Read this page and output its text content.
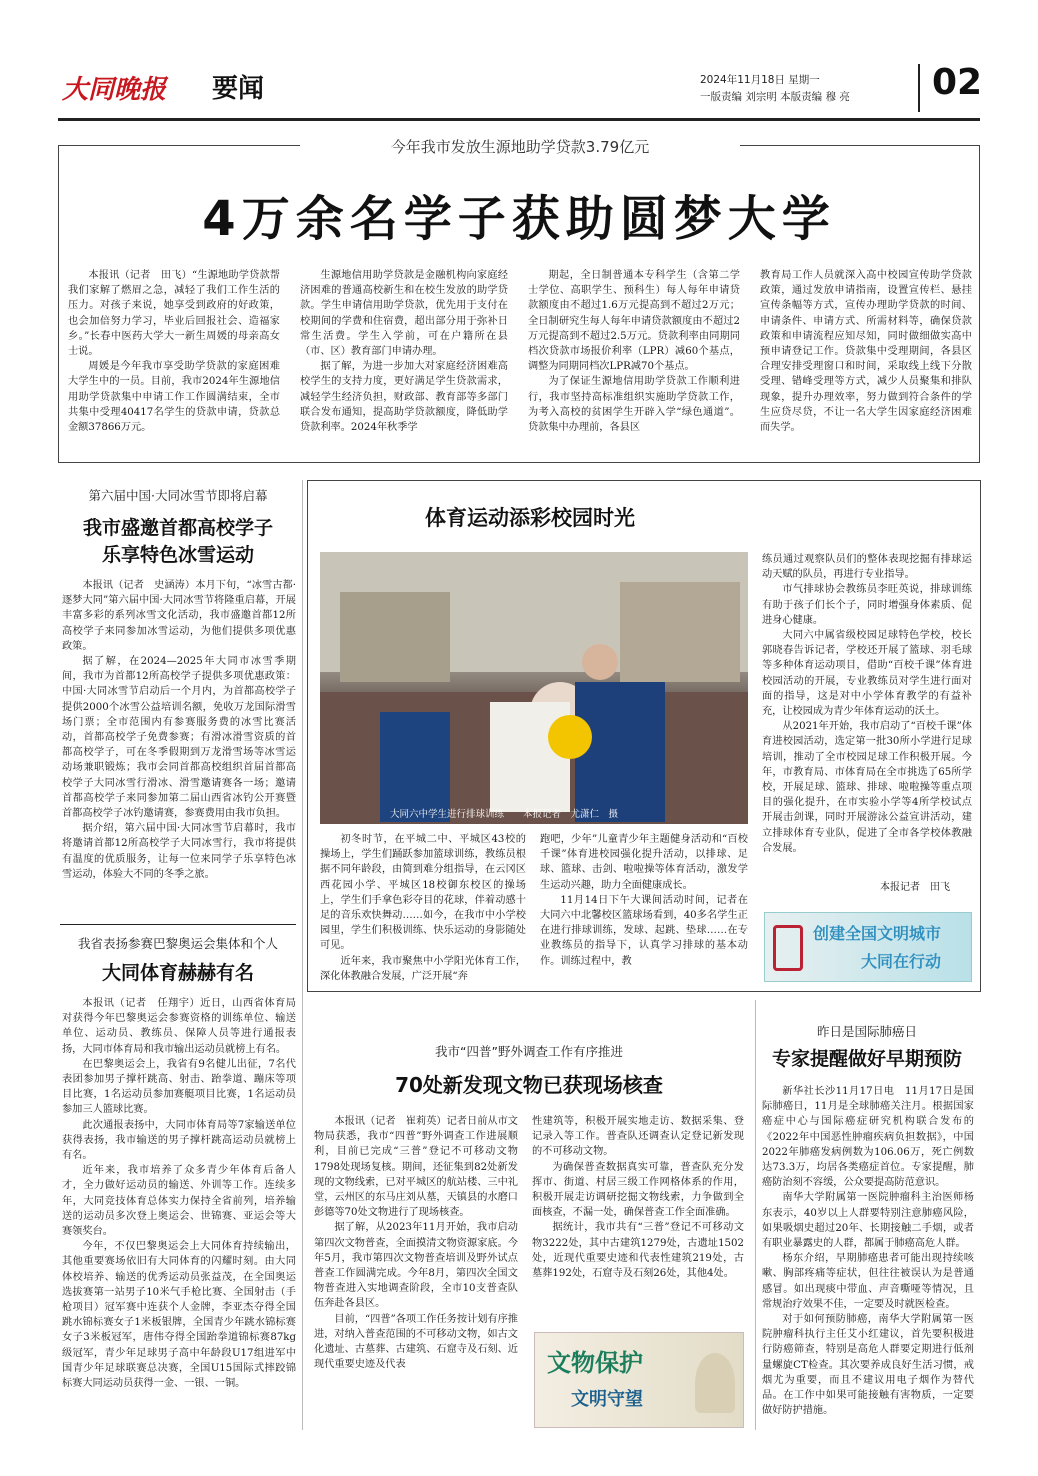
大同晚报	要闻	2024年11月18日 星期一
一版责编 刘宗明 本版责编 穆 亮 02
今年我市发放生源地助学贷款3.79亿元
4万余名学子获助圆梦大学

本报讯（记者　田飞）“生源地助学贷款帮我们家解了燃眉之急，减轻了我们工作生活的压力。对孩子来说，她享受到政府的好政策，也会加倍努力学习，毕业后回报社会、造福家乡。”长春中医药大学大一新生周媛的母亲高女士说。

周媛是今年我市享受助学贷款的家庭困难大学生中的一员。目前，我市2024年生源地信用助学贷款集中申请工作工作圆满结束，全市共集中受理40417名学生的贷款申请，贷款总金额37866万元。

生源地信用助学贷款是金融机构向家庭经济困难的普通高校新生和在校生发放的助学贷款。学生申请信用助学贷款，优先用于支付在校期间的学费和住宿费，超出部分用于弥补日常生活费。学生入学前，可在户籍所在县（市、区）教育部门申请办理。

据了解，为进一步加大对家庭经济困难高校学生的支持力度，更好满足学生贷款需求，减轻学生经济负担，财政部、教育部等多部门联合发布通知，提高助学贷款额度，降低助学贷款利率。2024年秋季学

期起，全日制普通本专科学生（含第二学士学位、高职学生、预科生）每人每年申请贷款额度由不超过1.6万元提高到不超过2万元；全日制研究生每人每年申请贷款额度由不超过2万元提高到不超过2.5万元。贷款利率由同期同档次贷款市场报价利率（LPR）减60个基点，调整为同期同档次LPR减70个基点。

为了保证生源地信用助学贷款工作顺利进行，我市坚持高标准组织实施助学贷款工作，为考入高校的贫困学生开辟入学“绿色通道”。贷款集中办理前，各县区

教育局工作人员就深入高中校园宣传助学贷款政策，通过发放申请指南，设置宣传栏、悬挂宣传条幅等方式，宣传办理助学贷款的时间、申请条件、申请方式、所需材料等，确保贷款政策和申请流程应知尽知，同时做细做实高中预申请登记工作。贷款集中受理期间，各县区合理安排受理窗口和时间，采取线上线下分散受理、错峰受理等方式，减少人员聚集和排队现象，提升办理效率，努力做到符合条件的学生应贷尽贷，不让一名大学生因家庭经济困难而失学。

第六届中国·大同冰雪节即将启幕
我市盛邀首都高校学子
乐享特色冰雪运动

本报讯（记者　史涵涛）本月下旬，“冰雪古都·逐梦大同”第六届中国·大同冰雪节将隆重启幕，开展丰富多彩的系列冰雪文化活动，我市盛邀首都12所高校学子来同参加冰雪运动，为他们提供多项优惠政策。

据了解，在2024—2025年大同市冰雪季期间，我市为首都12所高校学子提供多项优惠政策：中国·大同冰雪节启动后一个月内，为首都高校学子提供2000个冰雪公益培训名额，免收万龙国际滑雪场门票；全市范围内有参赛服务费的冰雪比赛活动，首都高校学子免费参赛；有滑冰滑雪资质的首都高校学子，可在冬季假期到万龙滑雪场等冰雪运动场兼职锻炼；我市会同首都高校组织首届首都高校学子大同冰雪行滑冰、滑雪邀请赛各一场；邀请首都高校学子来同参加第二届山西省冰钓公开赛暨首都高校学子冰钓邀请赛，参赛费用由我市负担。

据介绍，第六届中国·大同冰雪节启幕时，我市将邀请首都12所高校学子大同冰雪行，我市将提供有温度的优质服务，让每一位来同学子乐享特色冰雪运动，体验大不同的冬季之旅。

我省表扬参赛巴黎奥运会集体和个人
大同体育赫赫有名

本报讯（记者　任翔宇）近日，山西省体育局对获得今年巴黎奥运会参赛资格的训练单位、输送单位、运动员、教练员、保障人员等进行通报表扬，大同市体育局和我市输出运动员就榜上有名。

在巴黎奥运会上，我省有9名健儿出征，7名代表团参加男子撑杆跳高、射击、跆拳道、蹦床等项目比赛，1名运动员参加赛艇项目比赛，1名运动员参加三人篮球比赛。

此次通报表扬中，大同市体育局等7家输送单位获得表扬，我市输送的男子撑杆跳高运动员就榜上有名。

近年来，我市培养了众多青少年体育后备人才，全力做好运动员的输送、外训等工作。连续多年，大同竞技体育总体实力保持全省前列，培养输送的运动员多次登上奥运会、世锦赛、亚运会等大赛领奖台。

今年，不仅巴黎奥运会上大同体育持续输出，其他重要赛场依旧有大同体育的闪耀时刻。由大同体校培养、输送的优秀运动员张益茂，在全国奥运选拔赛第一站男子10米气手枪比赛、全国射击（手枪项目）冠军赛中连获个人金牌，李亚杰夺得全国跳水锦标赛女子1米板银牌，全国青少年跳水锦标赛女子3米板冠军，唐伟夺得全国跆拳道锦标赛87kg级冠军，青少年足球男子高中年龄段U17组进军中国青少年足球联赛总决赛，全国U15国际式摔跤锦标赛大同运动员获得一金、一银、一铜。

体育运动添彩校园时光
大同六中学生进行排球训练　　本报记者　尤潇仁　摄

初冬时节，在平城二中、平城区43校的操场上，学生们踊跃参加篮球训练，教练员根据不同年龄段，由简到难分组指导，在云冈区西花园小学、平城区18校御东校区的操场上，学生们手拿色彩夺目的花球，伴着动感十足的音乐欢快舞动……如今，在我市中小学校园里，学生们积极训练、快乐运动的身影随处可见。

近年来，我市聚焦中小学阳光体育工作，深化体教融合发展，广泛开展“奔

跑吧，少年”儿童青少年主题健身活动和“百校千课”体育进校园强化提升活动，以排球、足球、篮球、击剑、啦啦操等体育活动，激发学生运动兴趣，助力全面健康成长。

11月14日下午大课间活动时间，记者在大同六中北馨校区篮球场看到，40多名学生正在进行排球训练，发球、起跳、垫球……在专业教练员的指导下，认真学习排球的基本动作。训练过程中，教

练员通过观察队员们的整体表现挖掘有排球运动天赋的队员，再进行专业指导。

市气排球协会教练员李旺英说，排球训练有助于孩子们长个子，同时增强身体素质、促进身心健康。

大同六中属省级校园足球特色学校，校长郭晓春告诉记者，学校还开展了篮球、羽毛球等多种体育运动项目，借助“百校千课”体育进校园活动的开展，专业教练员对学生进行面对面的指导，这是对中小学体育教学的有益补充，让校园成为青少年体育运动的沃土。

从2021年开始，我市启动了“百校千课”体育进校园活动，选定第一批30所小学进行足球培训，推动了全市校园足球工作积极开展。今年，市教育局、市体育局在全市挑选了65所学校，开展足球、篮球、排球、啦啦操等重点项目的强化提升，在市实验小学等4所学校试点开展击剑课，同时开展游泳公益宣讲活动，建立排球体育专业队，促进了全市各学校体教融合发展。

本报记者　田飞
创建全国文明城市
大同在行动
我市“四普”野外调查工作有序推进
70处新发现文物已获现场核查

本报讯（记者　崔莉英）记者日前从市文物局获悉，我市“四普”野外调查工作进展顺利，目前已完成“三普”登记不可移动文物1798处现场复核。期间，还征集到82处新发现的文物线索，已对平城区的航站楼、三中礼堂，云州区的东马庄刘从墓，天镇县的水磨口彭德等70处文物进行了现场核查。

据了解，从2023年11月开始，我市启动第四次文物普查，全面摸清文物资源家底。今年5月，我市第四次文物普查培训及野外试点普查工作圆满完成。今年8月，第四次全国文物普查进入实地调查阶段，全市10支普查队伍奔赴各县区。

目前，“四普”各项工作任务按计划有序推进，对纳入普查范围的不可移动文物，如古文化遗址、古墓葬、古建筑、石窟寺及石刻、近现代重要史迹及代表

性建筑等，积极开展实地走访、数据采集、登记录入等工作。普查队还调查认定登记新发现的不可移动文物。

为确保普查数据真实可靠，普查队充分发挥市、街道、村居三级工作网格体系的作用，积极开展走访调研挖掘文物线索，力争做到全面核查，不漏一处，确保普查工作全面准确。

据统计，我市共有“三普”登记不可移动文物3222处，其中古建筑1279处，古遗址1502处，近现代重要史迹和代表性建筑219处，古墓葬192处，石窟寺及石刻26处，其他4处。

文物保护
文明守望
昨日是国际肺癌日
专家提醒做好早期预防

新华社长沙11月17日电　11月17日是国际肺癌日，11月是全球肺癌关注月。根据国家癌症中心与国际癌症研究机构联合发布的《2022年中国恶性肿瘤疾病负担数据》，中国2022年肺癌发病例数为106.06万，死亡例数达73.3万，均居各类癌症首位。专家提醒，肺癌防治刻不容缓，公众要提高防范意识。

南华大学附属第一医院肿瘤科主治医师杨东表示，40岁以上人群要特别注意肺癌风险，如果吸烟史超过20年、长期接触二手烟，或者有职业暴露史的人群，都属于肺癌高危人群。

杨东介绍，早期肺癌患者可能出现持续咳嗽、胸部疼痛等症状，但往往被误认为是普通感冒。如出现痰中带血、声音嘶哑等情况，且常规治疗效果不佳，一定要及时就医检查。

对于如何预防肺癌，南华大学附属第一医院肿瘤科执行主任艾小红建议，首先要积极进行防癌筛查，特别是高危人群要定期进行低剂量螺旋CT检查。其次要养成良好生活习惯，戒烟尤为重要，而且不建议用电子烟作为替代品。在工作中如果可能接触有害物质，一定要做好防护措施。
